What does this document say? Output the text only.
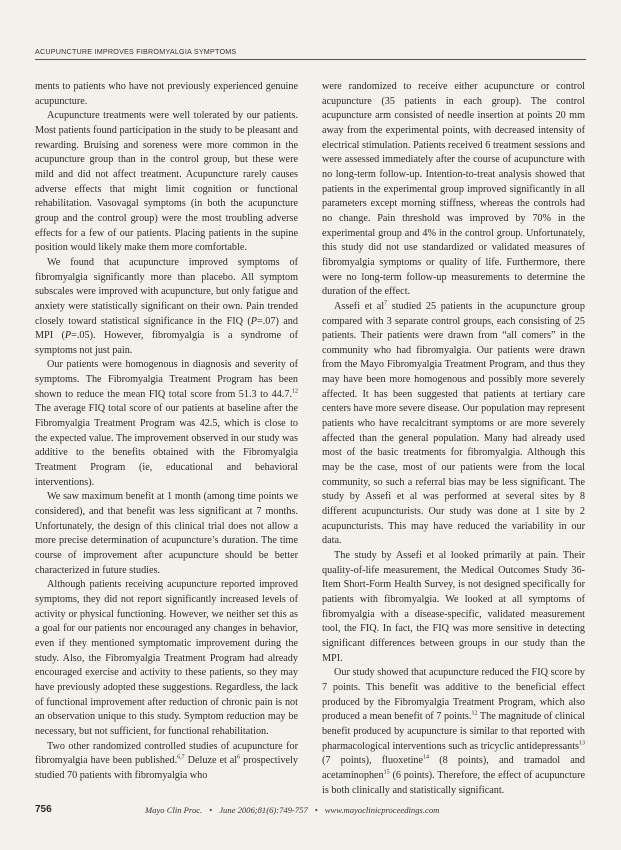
ACUPUNCTURE IMPROVES FIBROMYALGIA SYMPTOMS

ments to patients who have not previously experienced genuine acupuncture.

Acupuncture treatments were well tolerated by our patients. Most patients found participation in the study to be pleasant and rewarding. Bruising and soreness were more common in the acupuncture group than in the control group, but these were mild and did not affect treatment. Acupuncture rarely causes adverse effects that might limit cognition or functional rehabilitation. Vasovagal symptoms (in both the acupuncture group and the control group) were the most troubling adverse effects for a few of our patients. Placing patients in the supine position would likely make them more comfortable.

We found that acupuncture improved symptoms of fibromyalgia significantly more than placebo. All symptom subscales were improved with acupuncture, but only fatigue and anxiety were statistically significant on their own. Pain trended closely toward statistical significance in the FIQ (P=.07) and MPI (P=.05). However, fibromyalgia is a syndrome of symptoms not just pain.

Our patients were homogenous in diagnosis and severity of symptoms. The Fibromyalgia Treatment Program has been shown to reduce the mean FIQ total score from 51.3 to 44.7.12 The average FIQ total score of our patients at baseline after the Fibromyalgia Treatment Program was 42.5, which is close to the expected value. The improvement observed in our study was additive to the benefits obtained with the Fibromyalgia Treatment Program (ie, educational and behavioral interventions).

We saw maximum benefit at 1 month (among time points we considered), and that benefit was less significant at 7 months. Unfortunately, the design of this clinical trial does not allow a more precise determination of acupuncture’s duration. The time course of improvement after acupuncture should be better characterized in future studies.

Although patients receiving acupuncture reported improved symptoms, they did not report significantly increased levels of activity or physical functioning. However, we neither set this as a goal for our patients nor encouraged any changes in behavior, even if they mentioned symptomatic improvement during the study. Also, the Fibromyalgia Treatment Program had already encouraged exercise and activity to these patients, so they may have previously adopted these suggestions. Regardless, the lack of functional improvement after reduction of chronic pain is not an observation unique to this study. Symptom reduction may be necessary, but not sufficient, for functional rehabilitation.

Two other randomized controlled studies of acupuncture for fibromyalgia have been published.$^{6,7}$ Deluze et $al^6$ prospectively studied 70 patients with fibromyalgia who

were randomized to receive either acupuncture or control acupuncture (35 patients in each group). The control acupuncture arm consisted of needle insertion at points 20 mm away from the experimental points, with decreased intensity of electrical stimulation. Patients received 6 treatment sessions and were assessed immediately after the course of acupuncture with no long-term follow-up. Intention-to-treat analysis showed that patients in the experimental group improved significantly in all parameters except morning stiffness, whereas the controls had no change. Pain threshold was improved by 70% in the experimental group and 4% in the control group. Unfortunately, this study did not use standardized or validated measures of fibromyalgia symptoms or quality of life. Furthermore, there were no long-term follow-up measurements to determine the duration of the effect.

Assefi et $al^7$ studied 25 patients in the acupuncture group compared with 3 separate control groups, each consisting of 25 patients. Their patients were drawn from “all comers” in the community who had fibromyalgia. Our patients were drawn from the Mayo Fibromyalgia Treatment Program, and thus they may have been more homogenous and possibly more severely affected. It has been suggested that patients at tertiary care centers have more severe disease. Our population may represent patients who have recalcitrant symptoms or are more severely affected than the general population. Many had already used most of the basic treatments for fibromyalgia. Although this may be the case, most of our patients were from the local community, so such a referral bias may be less significant. The study by Assefi et al was performed at several sites by 8 different acupuncturists. Our study was done at 1 site by 2 acupuncturists. This may have reduced the variability in our data.

The study by Assefi et al looked primarily at pain. Their quality-of-life measurement, the Medical Outcomes Study 36-Item Short-Form Health Survey, is not designed specifically for patients with fibromyalgia. We looked at all symptoms of fibromyalgia with a disease-specific, validated measurement tool, the FIQ. In fact, the FIQ was more sensitive in detecting significant differences between groups in our study than the MPI.

Our study showed that acupuncture reduced the FIQ score by 7 points. This benefit was additive to the beneficial effect produced by the Fibromyalgia Treatment Program, which also produced a mean benefit of 7 points.$^{12}$ The magnitude of clinical benefit produced by acupuncture is similar to that reported with pharmacological interventions such as tricyclic antidepressants$^{13}$ (7 points), fluoxetine$^{14}$ (8 points), and tramadol and acetaminophen$^{15}$ (6 points). Therefore, the effect of acupuncture is both clinically and statistically significant.

756	Mayo Clin Proc. • June 2006;81(6):749-757 • www.mayoclinicproceedings.com
